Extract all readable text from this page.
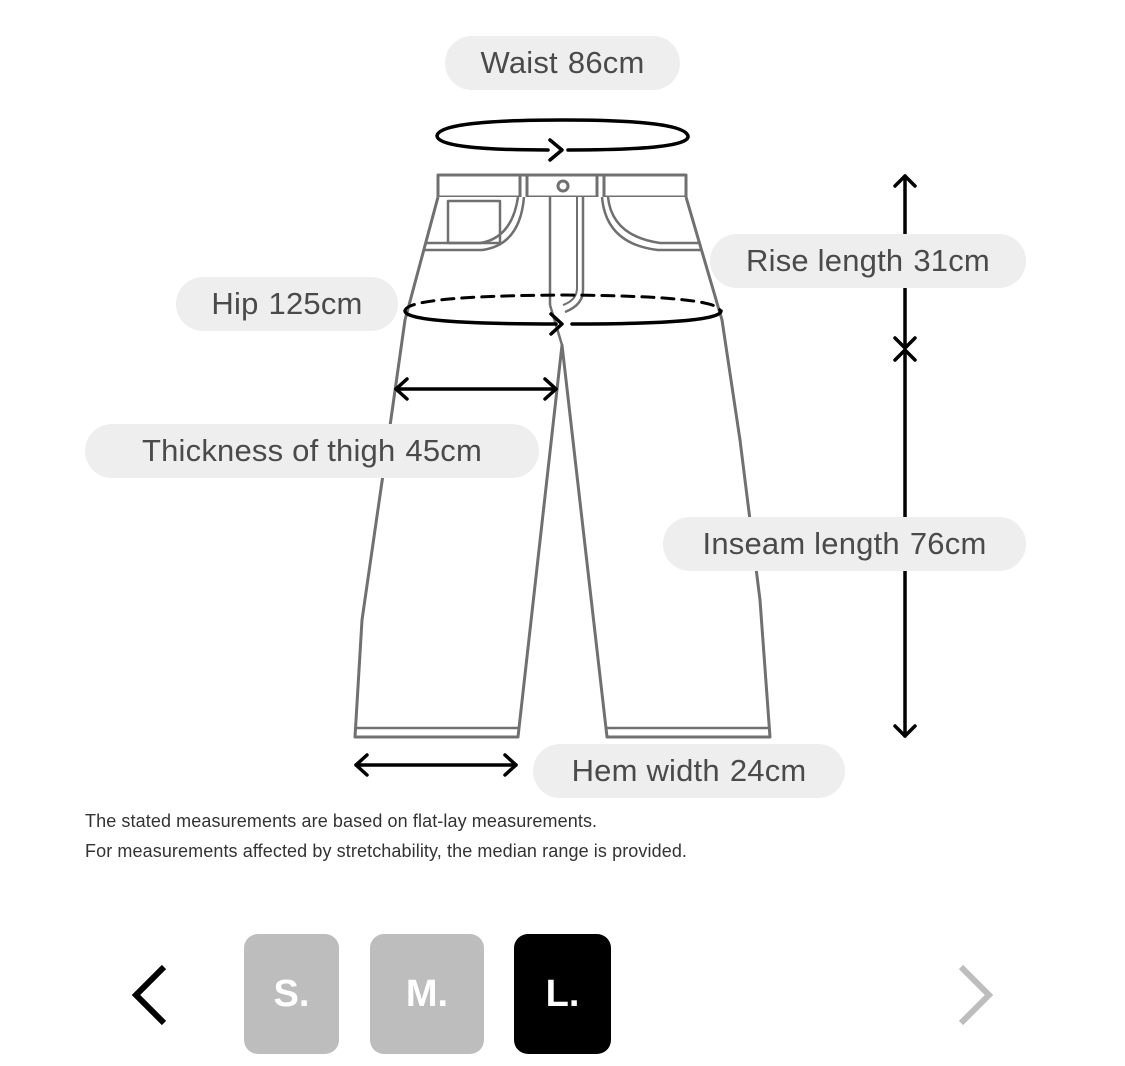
Waist 86cm
Rise length 31cm
Hip 125cm
Thickness of thigh 45cm
Inseam length 76cm
Hem width 24cm
The stated measurements are based on flat-lay measurements.
For measurements affected by stretchability, the median range is provided.
S.	M.	L.
